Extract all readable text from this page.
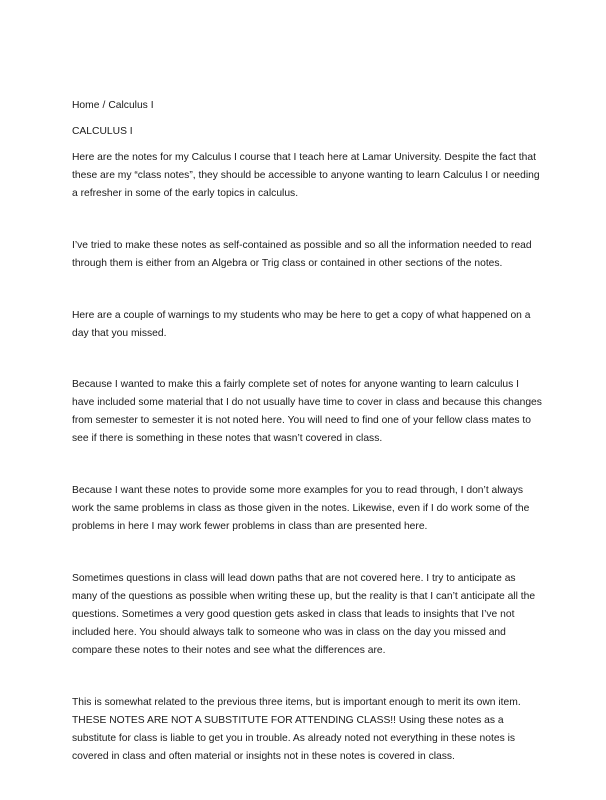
Home / Calculus I
CALCULUS I

Here are the notes for my Calculus I course that I teach here at Lamar University. Despite the fact that these are my “class notes”, they should be accessible to anyone wanting to learn Calculus I or needing a refresher in some of the early topics in calculus.

I’ve tried to make these notes as self-contained as possible and so all the information needed to read through them is either from an Algebra or Trig class or contained in other sections of the notes.

Here are a couple of warnings to my students who may be here to get a copy of what happened on a day that you missed.

Because I wanted to make this a fairly complete set of notes for anyone wanting to learn calculus I have included some material that I do not usually have time to cover in class and because this changes from semester to semester it is not noted here. You will need to find one of your fellow class mates to see if there is something in these notes that wasn’t covered in class.

Because I want these notes to provide some more examples for you to read through, I don’t always work the same problems in class as those given in the notes. Likewise, even if I do work some of the problems in here I may work fewer problems in class than are presented here.

Sometimes questions in class will lead down paths that are not covered here. I try to anticipate as many of the questions as possible when writing these up, but the reality is that I can’t anticipate all the questions. Sometimes a very good question gets asked in class that leads to insights that I’ve not included here. You should always talk to someone who was in class on the day you missed and compare these notes to their notes and see what the differences are.

This is somewhat related to the previous three items, but is important enough to merit its own item. THESE NOTES ARE NOT A SUBSTITUTE FOR ATTENDING CLASS!! Using these notes as a substitute for class is liable to get you in trouble. As already noted not everything in these notes is covered in class and often material or insights not in these notes is covered in class.
